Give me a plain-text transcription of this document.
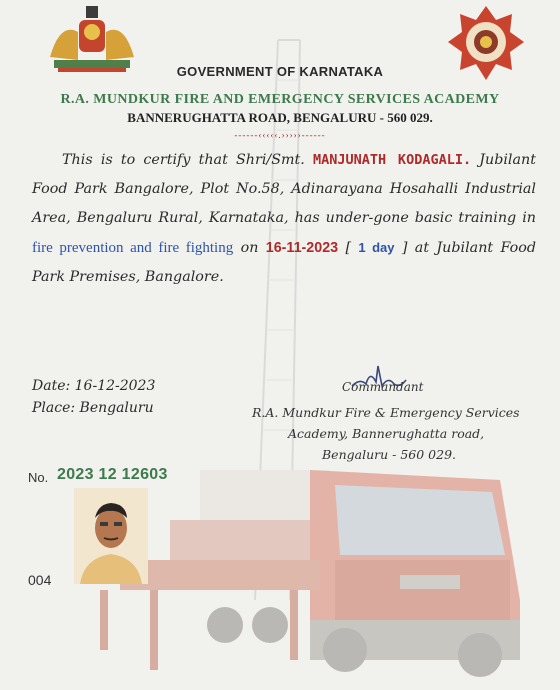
GOVERNMENT OF KARNATAKA
R.A. MUNDKUR FIRE AND EMERGENCY SERVICES ACADEMY
BANNERUGHATTA ROAD, BENGALURU - 560 029.
------‹‹‹‹‹.›››››------
This is to certify that Shri/Smt. MANJUNATH KODAGALI. Jubilant Food Park Bangalore, Plot No.58, Adinarayana Hosahalli Industrial Area, Bengaluru Rural, Karnataka, has under-gone basic training in fire prevention and fire fighting on 16-11-2023 [ 1 day ] at Jubilant Food Park Premises, Bangalore.
Date: 16-12-2023
Place: Bengaluru
Commandant
R.A. Mundkur Fire & Emergency Services
Academy, Bannerughatta road,
Bengaluru - 560 029.
No. 2023 12 12603
004
